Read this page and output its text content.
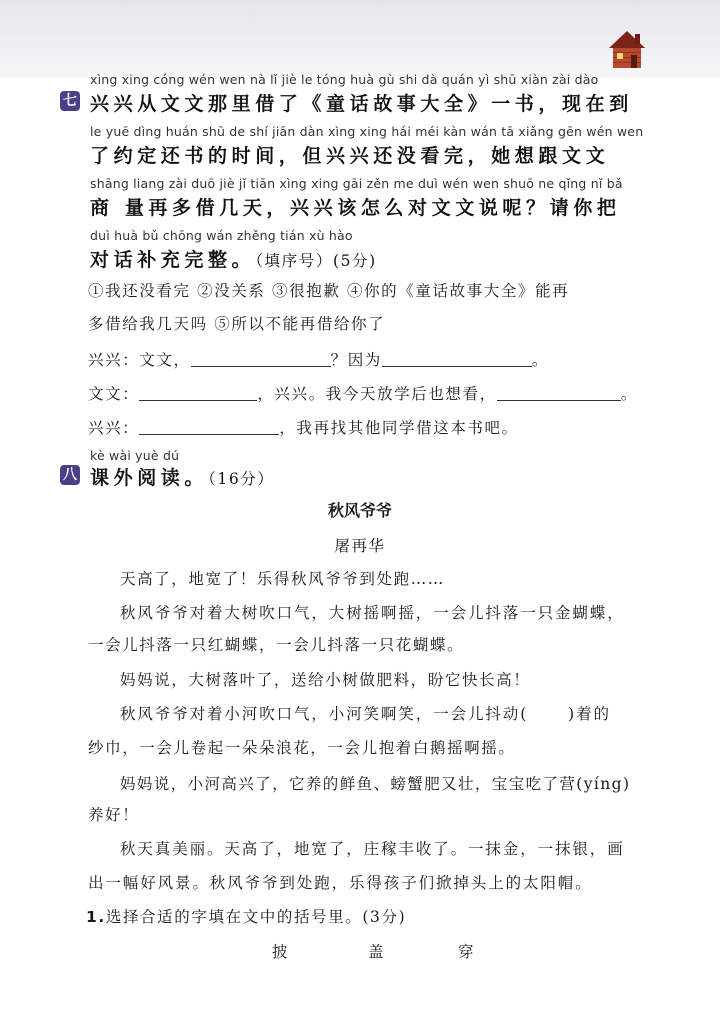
xìng xing cóng wén wen nà lǐ jiè le tóng huà gù shi dà quán yì shū xiàn zài dào
七 兴兴从文文那里借了《童话故事大全》一书，现在到
le yuē dìng huán shū de shí jiān dàn xìng xing hái méi kàn wán tā xiǎng gēn wén wen
了约定还书的时间，但兴兴还没看完，她想跟文文
shāng liang zài duō jiè jǐ tiān xìng xing gāi zěn me duì wén wen shuō ne qǐng nǐ bǎ
商 量再多借几天，兴兴该怎么对文文说呢？请你把
duì huà bǔ chōng wán zhěng tián xù hào
对话补充完整。（填序号）(5分)
①我还没看完 ②没关系 ③很抱歉 ④你的《童话故事大全》能再
多借给我几天吗 ⑤所以不能再借给你了
兴兴：文文，	？因为	。
文文：	，兴兴。我今天放学后也想看，	。
兴兴：	，我再找其他同学借这本书吧。
kè wài yuè dú
八 课外阅读。（16分）
秋风爷爷
屠再华
天高了，地宽了！乐得秋风爷爷到处跑……
秋风爷爷对着大树吹口气，大树摇啊摇，一会儿抖落一只金蝴蝶，
一会儿抖落一只红蝴蝶，一会儿抖落一只花蝴蝶。
妈妈说，大树落叶了，送给小树做肥料，盼它快长高！
秋风爷爷对着小河吹口气，小河笑啊笑，一会儿抖动(	)着的
纱巾，一会儿卷起一朵朵浪花，一会儿抱着白鹅摇啊摇。
妈妈说，小河高兴了，它养的鲜鱼、螃蟹肥又壮，宝宝吃了营(yíng)
养好！
秋天真美丽。天高了，地宽了，庄稼丰收了。一抹金，一抹银，画
出一幅好风景。秋风爷爷到处跑，乐得孩子们掀掉头上的太阳帽。
1.选择合适的字填在文中的括号里。(3分)
披	盖	穿
